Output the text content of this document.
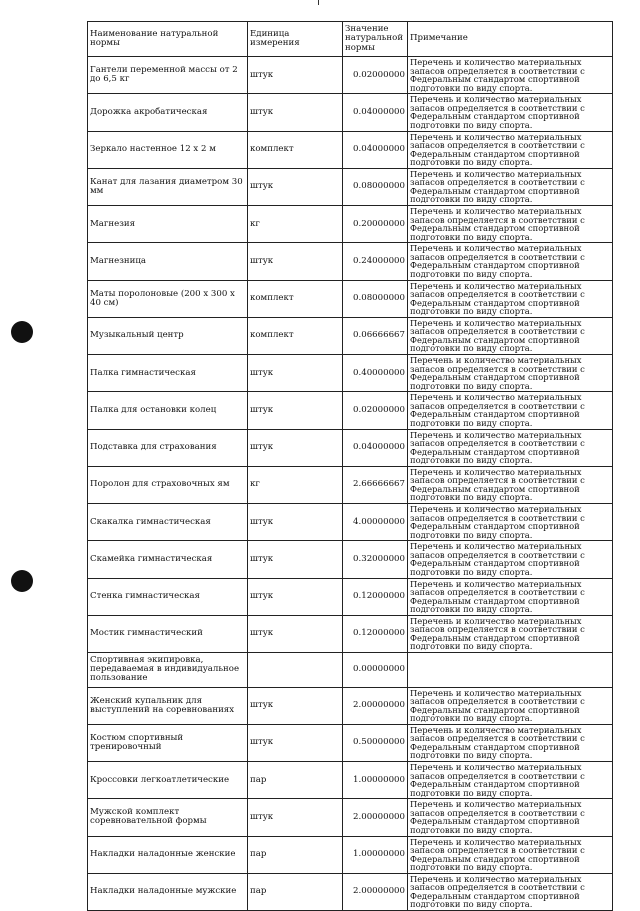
Наименование натуральной нормы	Единица измерения	Значение натуральной нормы	Примечание
Гантели переменной массы от 2 до 6,5 кг	штук	0.02000000	Перечень и количество материальных запасов определяется в соответствии с Федеральным стандартом спортивной подготовки по виду спорта.
Дорожка акробатическая	штук	0.04000000	Перечень и количество материальных запасов определяется в соответствии с Федеральным стандартом спортивной подготовки по виду спорта.
Зеркало настенное 12 х 2 м	комплект	0.04000000	Перечень и количество материальных запасов определяется в соответствии с Федеральным стандартом спортивной подготовки по виду спорта.
Канат для лазания диаметром 30 мм	штук	0.08000000	Перечень и количество материальных запасов определяется в соответствии с Федеральным стандартом спортивной подготовки по виду спорта.
Магнезия	кг	0.20000000	Перечень и количество материальных запасов определяется в соответствии с Федеральным стандартом спортивной подготовки по виду спорта.
Магнезница	штук	0.24000000	Перечень и количество материальных запасов определяется в соответствии с Федеральным стандартом спортивной подготовки по виду спорта.
Маты поролоновые (200 х 300 х 40 см)	комплект	0.08000000	Перечень и количество материальных запасов определяется в соответствии с Федеральным стандартом спортивной подготовки по виду спорта.
Музыкальный центр	комплект	0.06666667	Перечень и количество материальных запасов определяется в соответствии с Федеральным стандартом спортивной подготовки по виду спорта.
Палка гимнастическая	штук	0.40000000	Перечень и количество материальных запасов определяется в соответствии с Федеральным стандартом спортивной подготовки по виду спорта.
Палка для остановки колец	штук	0.02000000	Перечень и количество материальных запасов определяется в соответствии с Федеральным стандартом спортивной подготовки по виду спорта.
Подставка для страхования	штук	0.04000000	Перечень и количество материальных запасов определяется в соответствии с Федеральным стандартом спортивной подготовки по виду спорта.
Поролон для страховочных ям	кг	2.66666667	Перечень и количество материальных запасов определяется в соответствии с Федеральным стандартом спортивной подготовки по виду спорта.
Скакалка гимнастическая	штук	4.00000000	Перечень и количество материальных запасов определяется в соответствии с Федеральным стандартом спортивной подготовки по виду спорта.
Скамейка гимнастическая	штук	0.32000000	Перечень и количество материальных запасов определяется в соответствии с Федеральным стандартом спортивной подготовки по виду спорта.
Стенка гимнастическая	штук	0.12000000	Перечень и количество материальных запасов определяется в соответствии с Федеральным стандартом спортивной подготовки по виду спорта.
Мостик гимнастический	штук	0.12000000	Перечень и количество материальных запасов определяется в соответствии с Федеральным стандартом спортивной подготовки по виду спорта.
Спортивная экипировка, передаваемая в индивидуальное пользование		0.00000000	
Женский купальник для выступлений на соревнованиях	штук	2.00000000	Перечень и количество материальных запасов определяется в соответствии с Федеральным стандартом спортивной подготовки по виду спорта.
Костюм спортивный тренировочный	штук	0.50000000	Перечень и количество материальных запасов определяется в соответствии с Федеральным стандартом спортивной подготовки по виду спорта.
Кроссовки легкоатлетические	пар	1.00000000	Перечень и количество материальных запасов определяется в соответствии с Федеральным стандартом спортивной подготовки по виду спорта.
Мужской комплект соревновательной формы	штук	2.00000000	Перечень и количество материальных запасов определяется в соответствии с Федеральным стандартом спортивной подготовки по виду спорта.
Накладки наладонные женские	пар	1.00000000	Перечень и количество материальных запасов определяется в соответствии с Федеральным стандартом спортивной подготовки по виду спорта.
Накладки наладонные мужские	пар	2.00000000	Перечень и количество материальных запасов определяется в соответствии с Федеральным стандартом спортивной подготовки по виду спорта.
